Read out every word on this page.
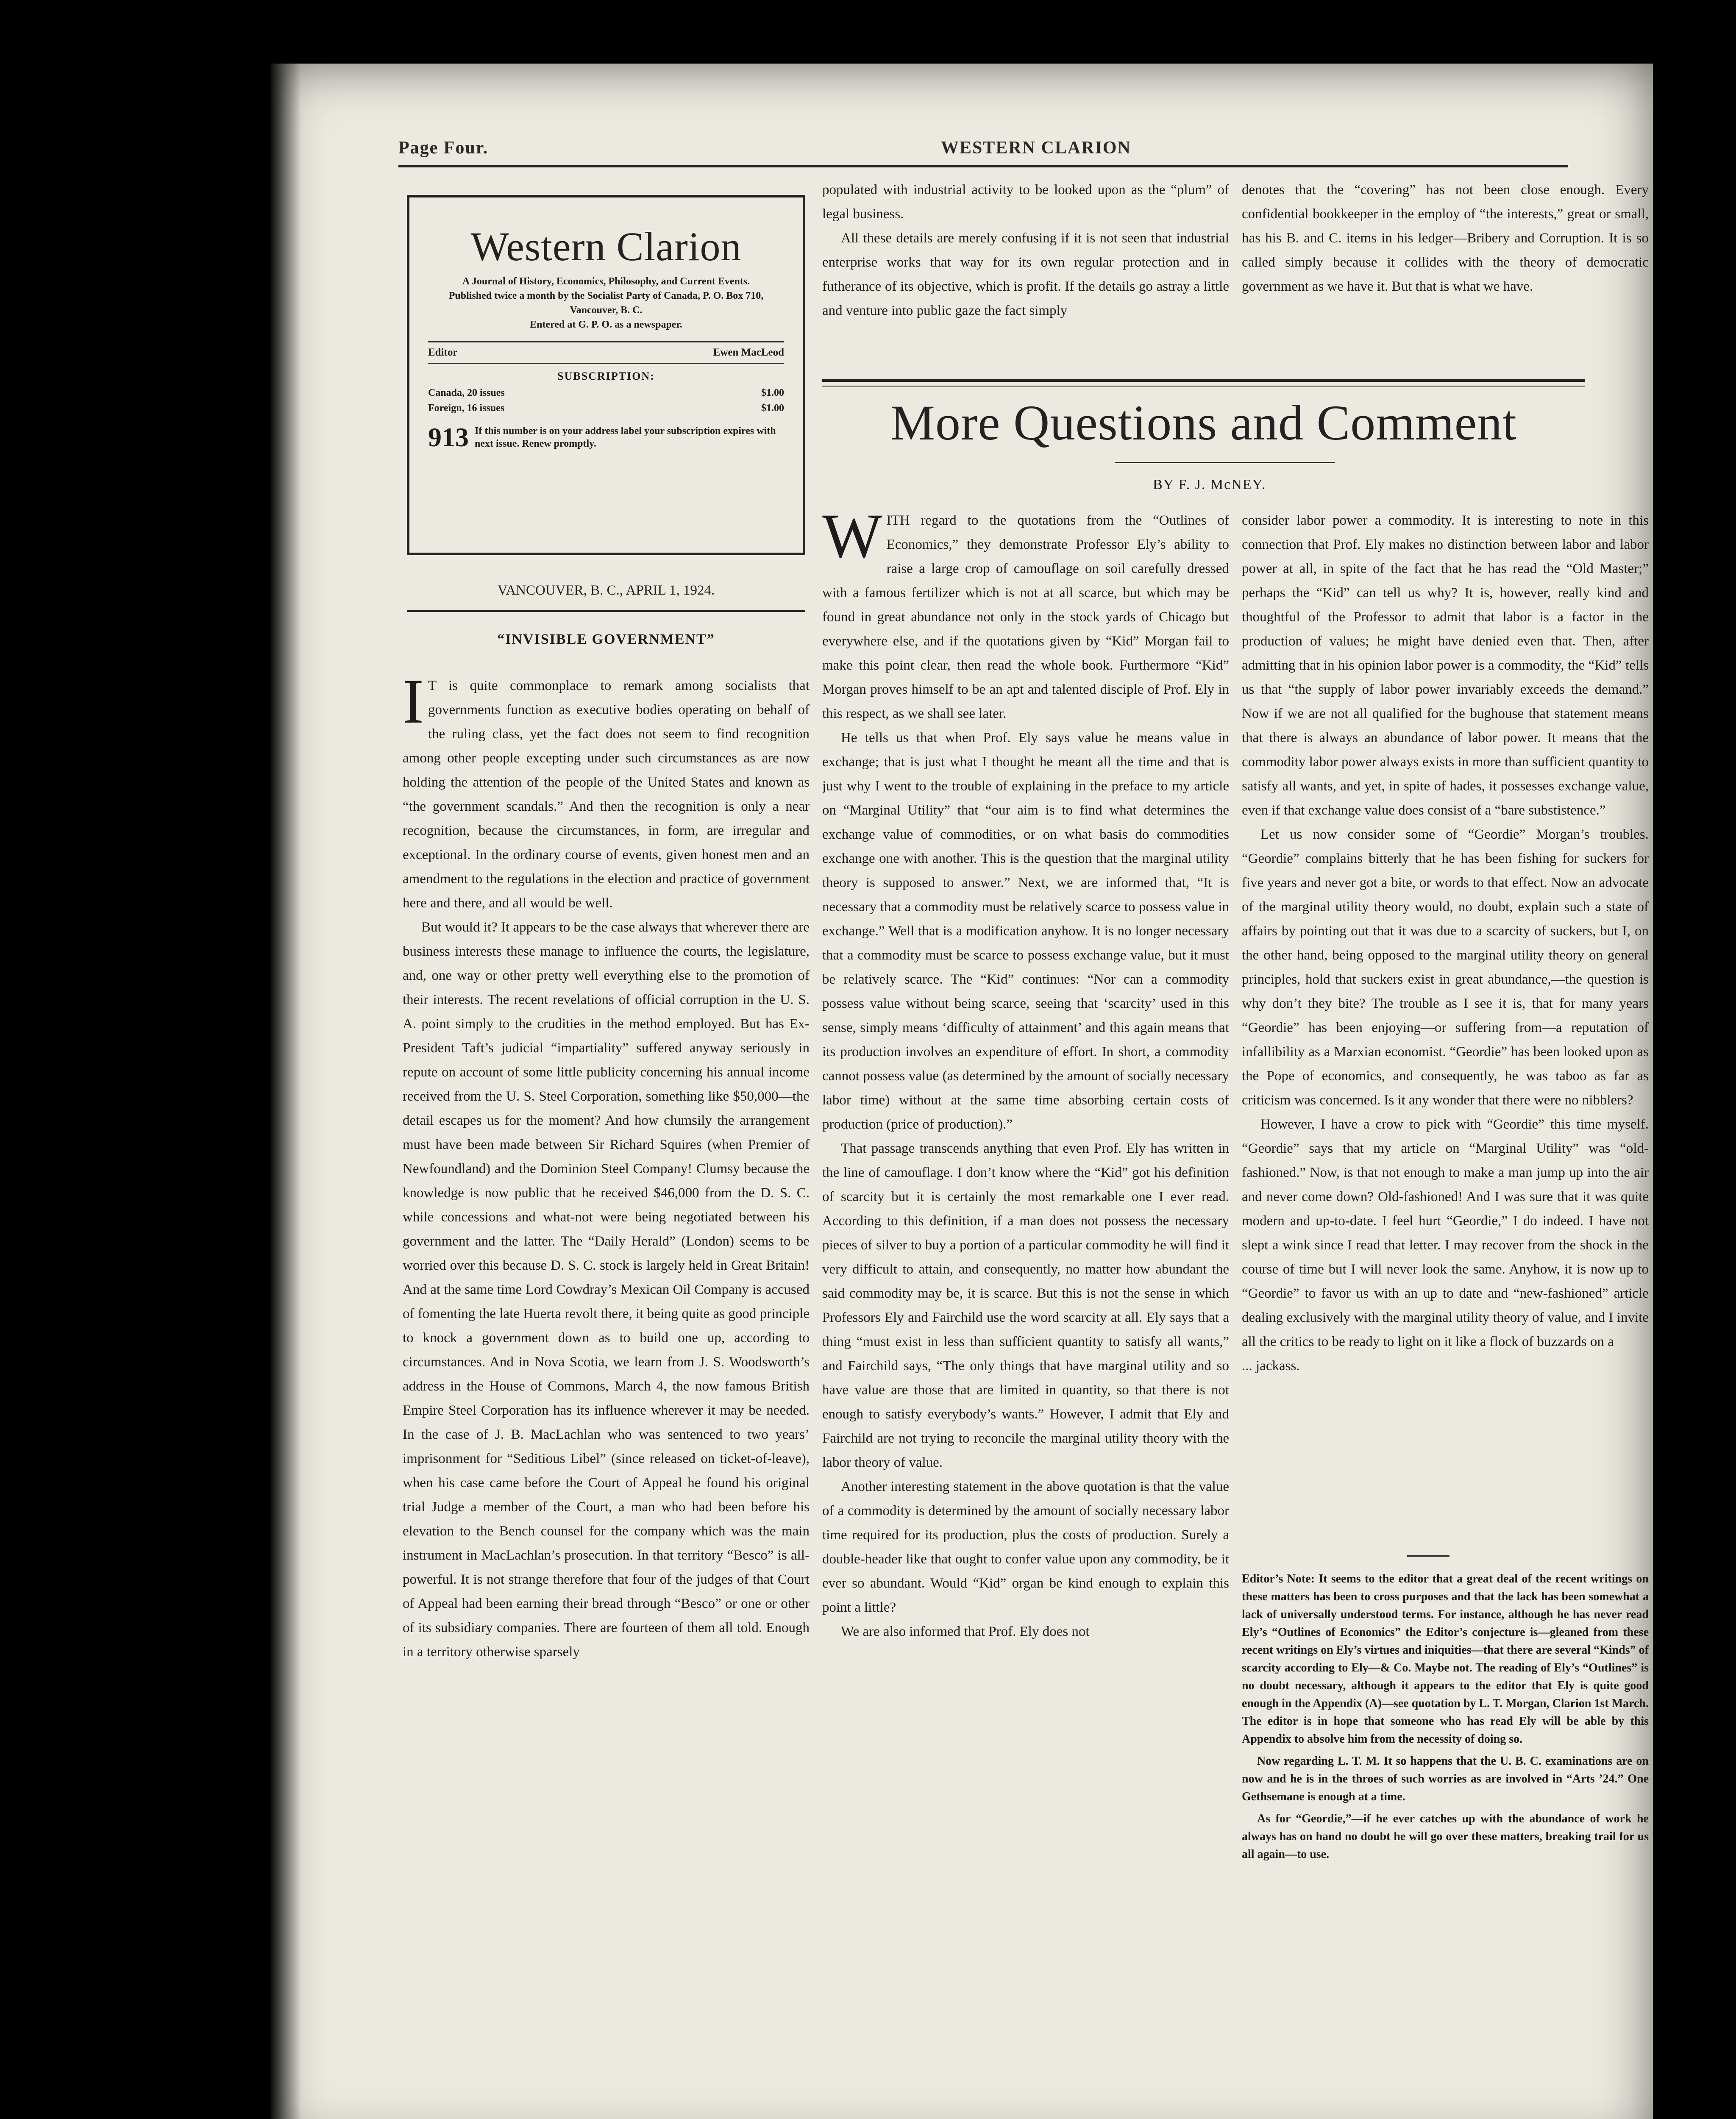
Page Four.	WESTERN CLARION
Western Clarion
A Journal of History, Economics, Philosophy, and Current Events.
Published twice a month by the Socialist Party of Canada, P. O. Box 710, Vancouver, B. C.
Entered at G. P. O. as a newspaper.
Editor	Ewen MacLeod
SUBSCRIPTION:
Canada, 20 issues	$1.00
Foreign, 16 issues	$1.00
913 If this number is on your address label your subscription expires with next issue. Renew promptly.
VANCOUVER, B. C., APRIL 1, 1924.
“INVISIBLE GOVERNMENT”

I T is quite commonplace to remark among socialists that governments function as executive bodies operating on behalf of the ruling class, yet the fact does not seem to find recognition among other people excepting under such circumstances as are now holding the attention of the people of the United States and known as “the government scandals.” And then the recognition is only a near recognition, because the circumstances, in form, are irregular and exceptional. In the ordinary course of events, given honest men and an amendment to the regulations in the election and practice of government here and there, and all would be well.

But would it? It appears to be the case always that wherever there are business interests these manage to influence the courts, the legislature, and, one way or other pretty well everything else to the promotion of their interests. The recent revelations of official corruption in the U. S. A. point simply to the crudities in the method employed. But has Ex-President Taft’s judicial “impartiality” suffered anyway seriously in repute on account of some little publicity concerning his annual income received from the U. S. Steel Corporation, something like $50,000—the detail escapes us for the moment? And how clumsily the arrangement must have been made between Sir Richard Squires (when Premier of Newfoundland) and the Dominion Steel Company! Clumsy because the knowledge is now public that he received $46,000 from the D. S. C. while concessions and what-not were being negotiated between his government and the latter. The “Daily Herald” (London) seems to be worried over this because D. S. C. stock is largely held in Great Britain! And at the same time Lord Cowdray’s Mexican Oil Company is accused of fomenting the late Huerta revolt there, it being quite as good principle to knock a government down as to build one up, according to circumstances. And in Nova Scotia, we learn from J. S. Woodsworth’s address in the House of Commons, March 4, the now famous British Empire Steel Corporation has its influence wherever it may be needed. In the case of J. B. MacLachlan who was sentenced to two years’ imprisonment for “Seditious Libel” (since released on ticket-of-leave), when his case came before the Court of Appeal he found his original trial Judge a member of the Court, a man who had been before his elevation to the Bench counsel for the company which was the main instrument in MacLachlan’s prosecution. In that territory “Besco” is all-powerful. It is not strange therefore that four of the judges of that Court of Appeal had been earning their bread through “Besco” or one or other of its subsidiary companies. There are fourteen of them all told. Enough in a territory otherwise sparsely

populated with industrial activity to be looked upon as the “plum” of legal business.

All these details are merely confusing if it is not seen that industrial enterprise works that way for its own regular protection and in futherance of its objective, which is profit. If the details go astray a little and venture into public gaze the fact simply

denotes that the “covering” has not been close enough. Every confidential bookkeeper in the employ of “the interests,” great or small, has his B. and C. items in his ledger—Bribery and Corruption. It is so called simply because it collides with the theory of democratic government as we have it. But that is what we have.

More Questions and Comment
BY F. J. McNEY.

WITH regard to the quotations from the “Outlines of Economics,” they demonstrate Professor Ely’s ability to raise a large crop of camouflage on soil carefully dressed with a famous fertilizer which is not at all scarce, but which may be found in great abundance not only in the stock yards of Chicago but everywhere else, and if the quotations given by “Kid” Morgan fail to make this point clear, then read the whole book. Furthermore “Kid” Morgan proves himself to be an apt and talented disciple of Prof. Ely in this respect, as we shall see later.

He tells us that when Prof. Ely says value he means value in exchange; that is just what I thought he meant all the time and that is just why I went to the trouble of explaining in the preface to my article on “Marginal Utility” that “our aim is to find what determines the exchange value of commodities, or on what basis do commodities exchange one with another. This is the question that the marginal utility theory is supposed to answer.” Next, we are informed that, “It is necessary that a commodity must be relatively scarce to possess value in exchange.” Well that is a modification anyhow. It is no longer necessary that a commodity must be scarce to possess exchange value, but it must be relatively scarce. The “Kid” continues: “Nor can a commodity possess value without being scarce, seeing that ‘scarcity’ used in this sense, simply means ‘difficulty of attainment’ and this again means that its production involves an expenditure of effort. In short, a commodity cannot possess value (as determined by the amount of socially necessary labor time) without at the same time absorbing certain costs of production (price of production).”

That passage transcends anything that even Prof. Ely has written in the line of camouflage. I don’t know where the “Kid” got his definition of scarcity but it is certainly the most remarkable one I ever read. According to this definition, if a man does not possess the necessary pieces of silver to buy a portion of a particular commodity he will find it very difficult to attain, and consequently, no matter how abundant the said commodity may be, it is scarce. But this is not the sense in which Professors Ely and Fairchild use the word scarcity at all. Ely says that a thing “must exist in less than sufficient quantity to satisfy all wants,” and Fairchild says, “The only things that have marginal utility and so have value are those that are limited in quantity, so that there is not enough to satisfy everybody’s wants.” However, I admit that Ely and Fairchild are not trying to reconcile the marginal utility theory with the labor theory of value.

Another interesting statement in the above quotation is that the value of a commodity is determined by the amount of socially necessary labor time required for its production, plus the costs of production. Surely a double-header like that ought to confer value upon any commodity, be it ever so abundant. Would “Kid” organ be kind enough to explain this point a little?

We are also informed that Prof. Ely does not

consider labor power a commodity. It is interesting to note in this connection that Prof. Ely makes no distinction between labor and labor power at all, in spite of the fact that he has read the “Old Master;” perhaps the “Kid” can tell us why? It is, however, really kind and thoughtful of the Professor to admit that labor is a factor in the production of values; he might have denied even that. Then, after admitting that in his opinion labor power is a commodity, the “Kid” tells us that “the supply of labor power invariably exceeds the demand.” Now if we are not all qualified for the bughouse that statement means that there is always an abundance of labor power. It means that the commodity labor power always exists in more than sufficient quantity to satisfy all wants, and yet, in spite of hades, it possesses exchange value, even if that exchange value does consist of a “bare substistence.”

Let us now consider some of “Geordie” Morgan’s troubles. “Geordie” complains bitterly that he has been fishing for suckers for five years and never got a bite, or words to that effect. Now an advocate of the marginal utility theory would, no doubt, explain such a state of affairs by pointing out that it was due to a scarcity of suckers, but I, on the other hand, being opposed to the marginal utility theory on general principles, hold that suckers exist in great abundance,—the question is why don’t they bite? The trouble as I see it is, that for many years “Geordie” has been enjoying—or suffering from—a reputation of infallibility as a Marxian economist. “Geordie” has been looked upon as the Pope of economics, and consequently, he was taboo as far as criticism was concerned. Is it any wonder that there were no nibblers?

However, I have a crow to pick with “Geordie” this time myself. “Geordie” says that my article on “Marginal Utility” was “old-fashioned.” Now, is that not enough to make a man jump up into the air and never come down? Old-fashioned! And I was sure that it was quite modern and up-to-date. I feel hurt “Geordie,” I do indeed. I have not slept a wink since I read that letter. I may recover from the shock in the course of time but I will never look the same. Anyhow, it is now up to “Geordie” to favor us with an up to date and “new-fashioned” article dealing exclusively with the marginal utility theory of value, and I invite all the critics to be ready to light on it like a flock of buzzards on a

... jackass.

Editor’s Note: It seems to the editor that a great deal of the recent writings on these matters has been to cross purposes and that the lack has been somewhat a lack of universally understood terms. For instance, although he has never read Ely’s “Outlines of Economics” the Editor’s conjecture is—gleaned from these recent writings on Ely’s virtues and iniquities—that there are several “Kinds” of scarcity according to Ely—& Co. Maybe not. The reading of Ely’s “Outlines” is no doubt necessary, although it appears to the editor that Ely is quite good enough in the Appendix (A)—see quotation by L. T. Morgan, Clarion 1st March. The editor is in hope that someone who has read Ely will be able by this Appendix to absolve him from the necessity of doing so.

Now regarding L. T. M. It so happens that the U. B. C. examinations are on now and he is in the throes of such worries as are involved in “Arts ’24.” One Gethsemane is enough at a time.

As for “Geordie,”—if he ever catches up with the abundance of work he always has on hand no doubt he will go over these matters, breaking trail for us all again—to use.
